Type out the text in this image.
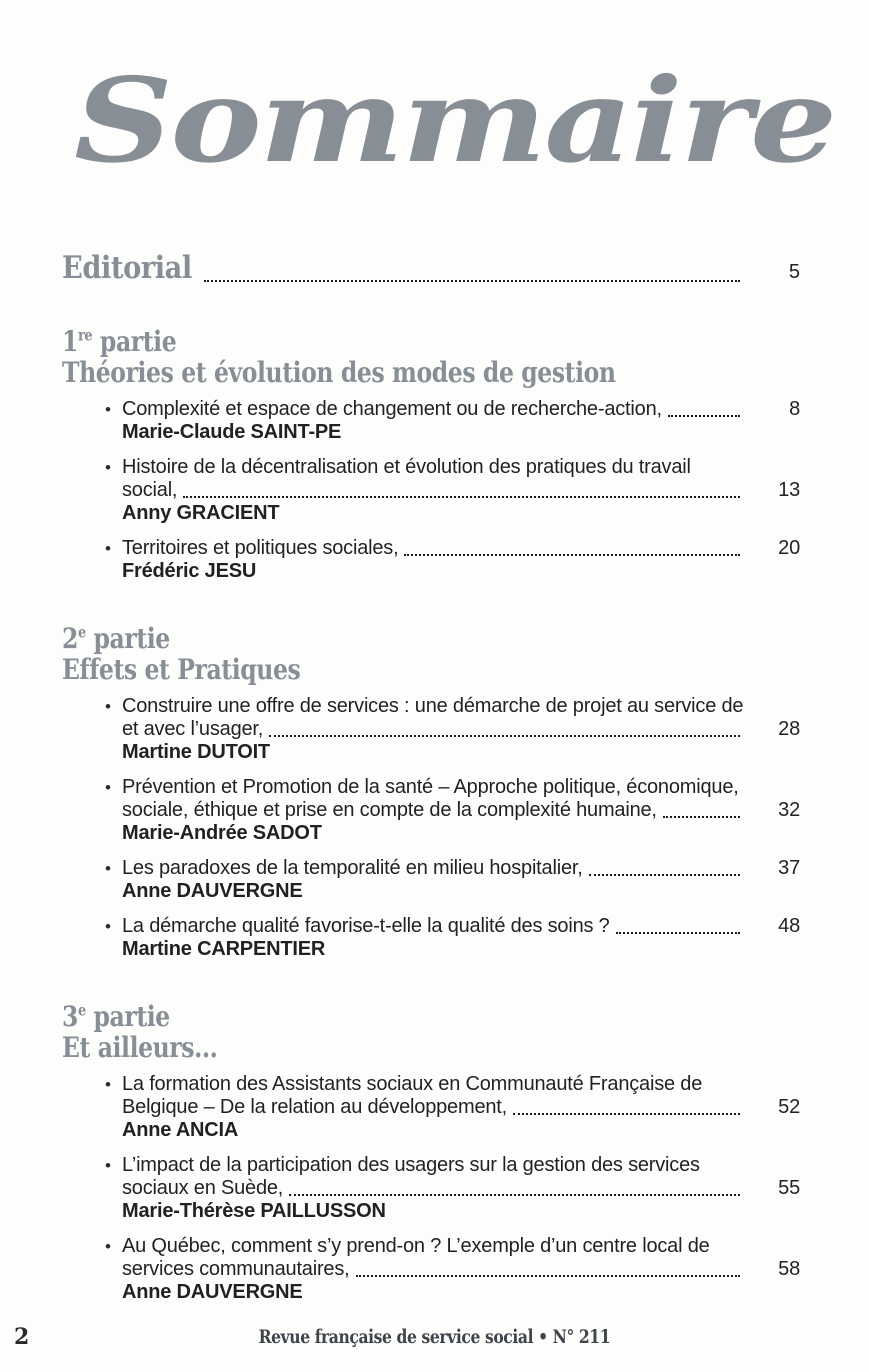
Sommaire
Editorial	5
1re partie
Théories et évolution des modes de gestion
• Complexité et espace de changement ou de recherche-action,	8
Marie-Claude SAINT-PE
• Histoire de la décentralisation et évolution des pratiques du travail
social,	13
Anny GRACIENT
• Territoires et politiques sociales,	20
Frédéric JESU
2e partie
Effets et Pratiques
• Construire une offre de services : une démarche de projet au service de
et avec l’usager,	28
Martine DUTOIT
• Prévention et Promotion de la santé – Approche politique, économique,
sociale, éthique et prise en compte de la complexité humaine,	32
Marie-Andrée SADOT
• Les paradoxes de la temporalité en milieu hospitalier,	37
Anne DAUVERGNE
• La démarche qualité favorise-t-elle la qualité des soins ?	48
Martine CARPENTIER
3e partie
Et ailleurs...
• La formation des Assistants sociaux en Communauté Française de
Belgique – De la relation au développement,	52
Anne ANCIA
• L’impact de la participation des usagers sur la gestion des services
sociaux en Suède,	55
Marie-Thérèse PAILLUSSON
• Au Québec, comment s’y prend-on ? L’exemple d’un centre local de
services communautaires,	58
Anne DAUVERGNE
2	Revue française de service social • N° 211
